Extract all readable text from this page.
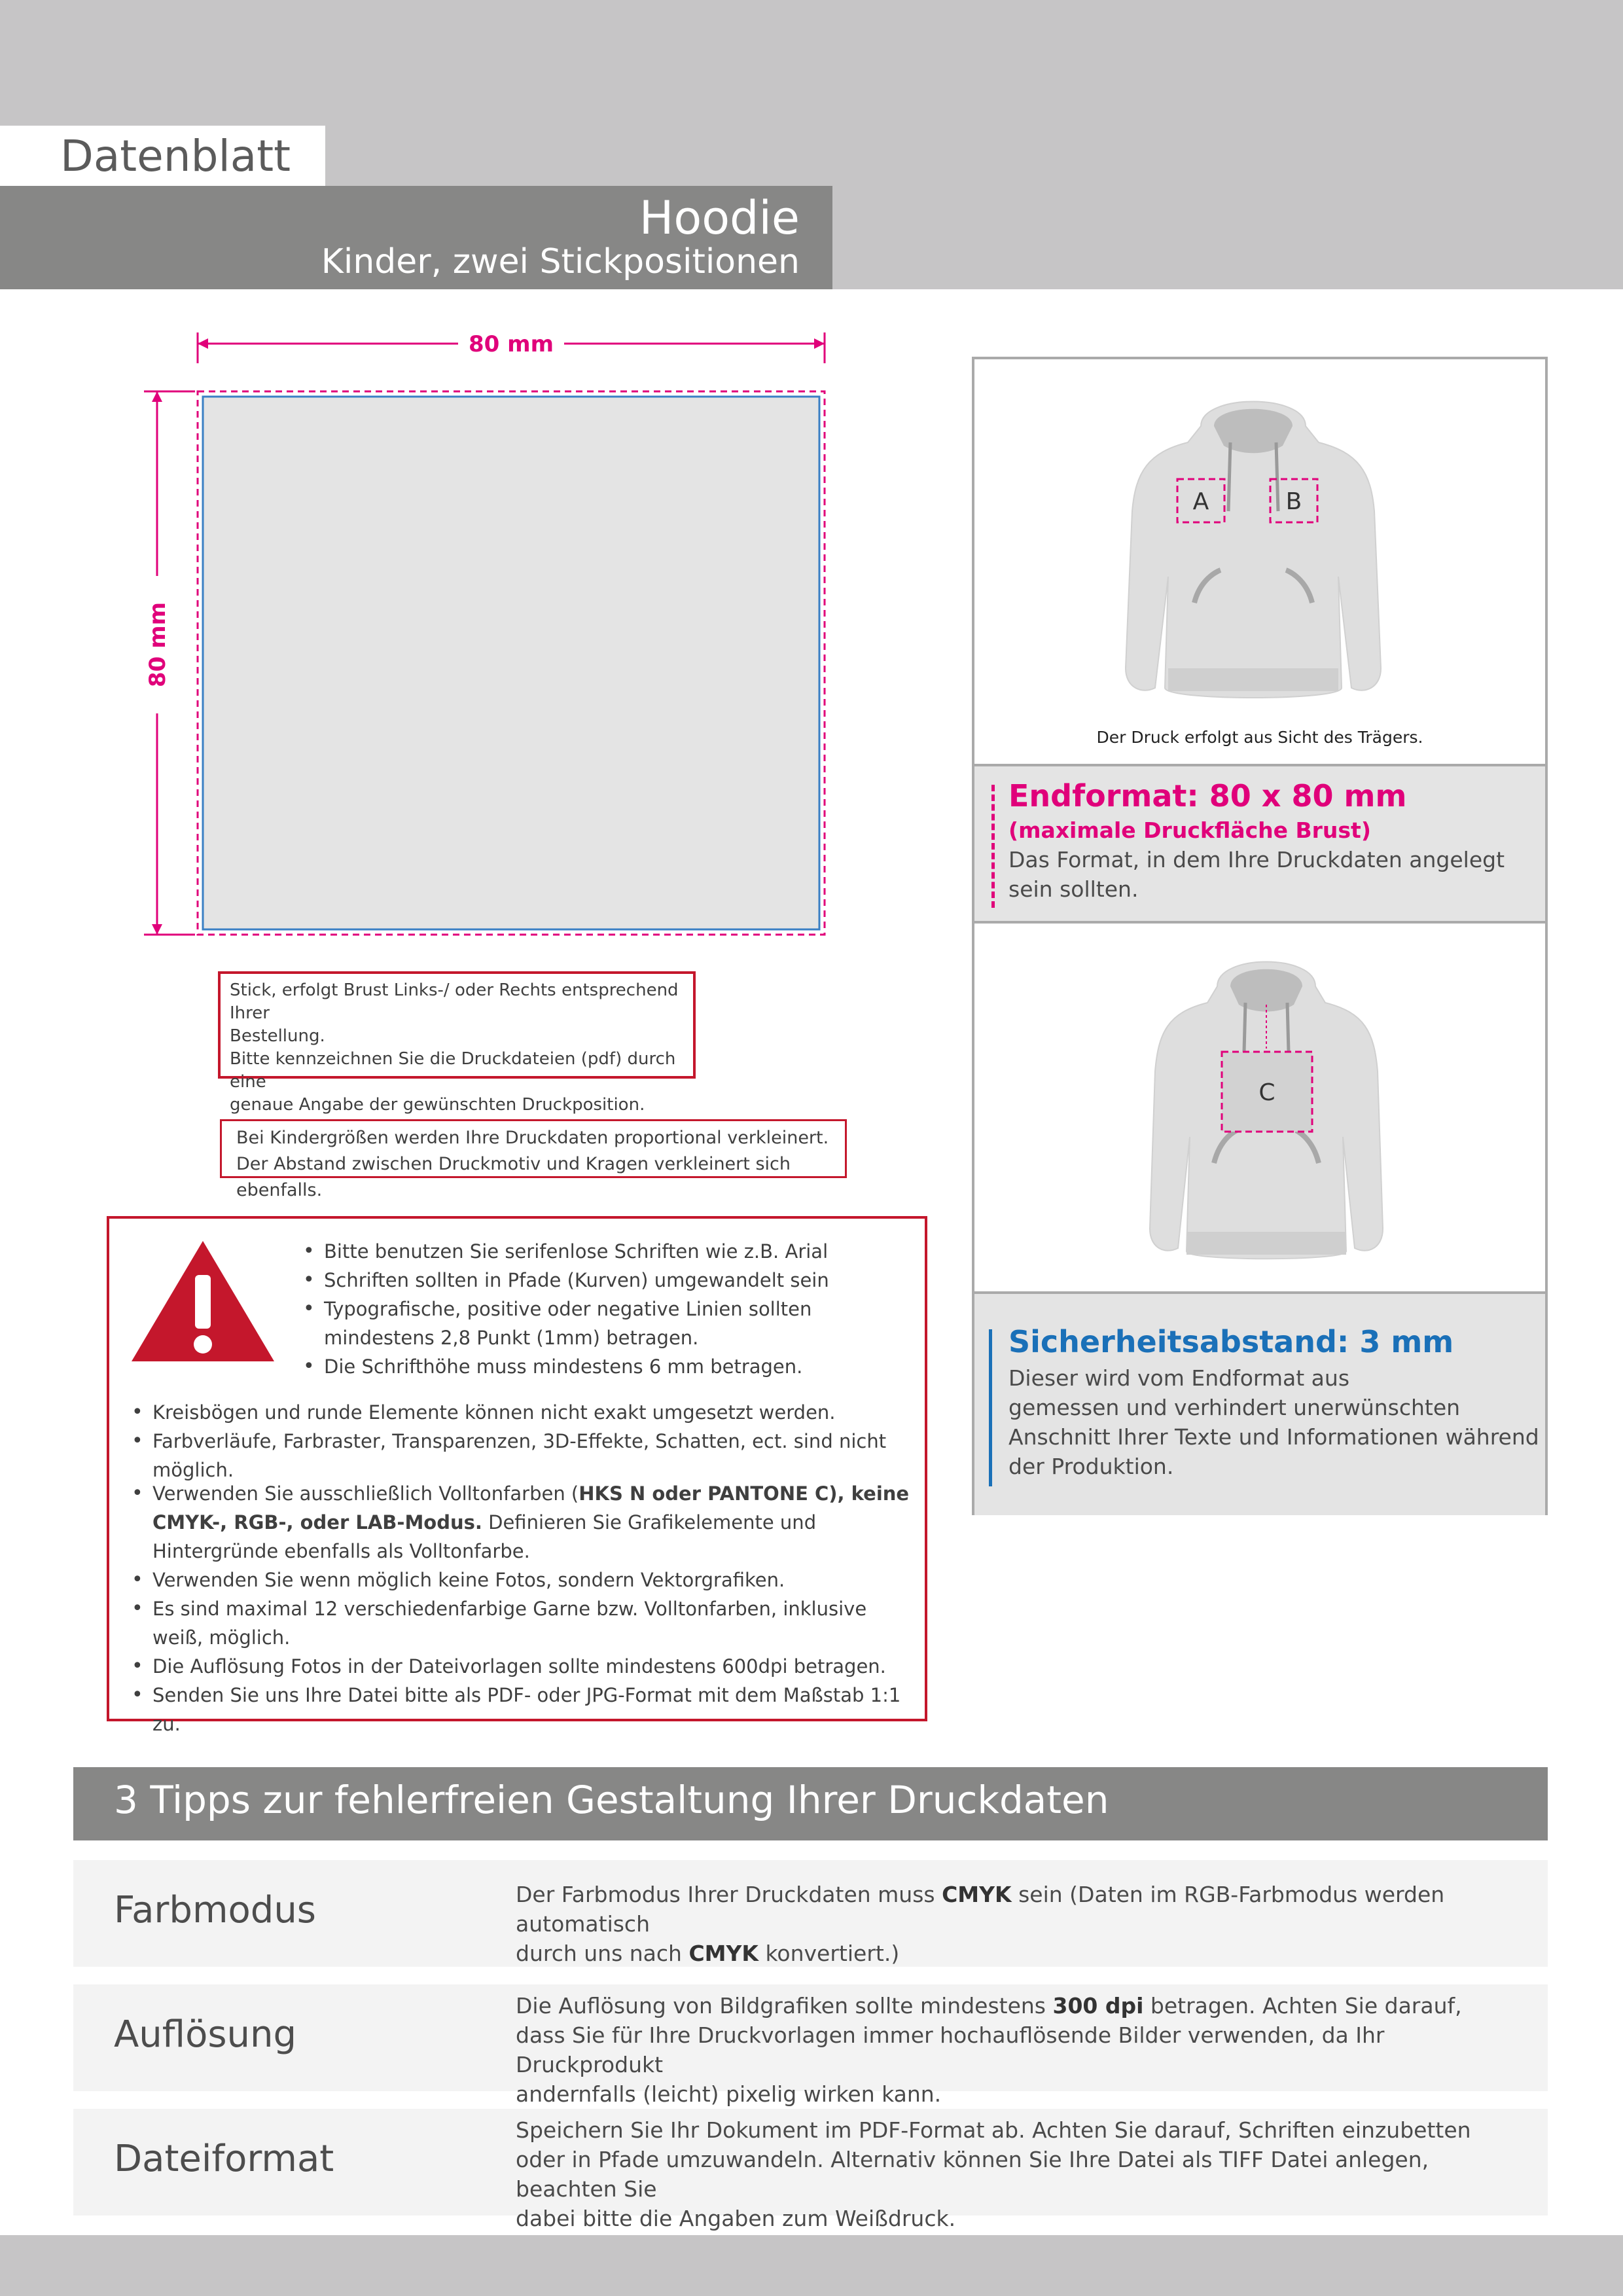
Datenblatt
Hoodie
Kinder, zwei Stickpositionen
80 mm
80 mm
Stick, erfolgt Brust Links-/ oder Rechts entsprechend Ihrer
Bestellung.
Bitte kennzeichnen Sie die Druckdateien (pdf) durch eine
genaue Angabe der gewünschten Druckposition.
Bei Kindergrößen werden Ihre Druckdaten proportional verkleinert.
Der Abstand zwischen Druckmotiv und Kragen verkleinert sich ebenfalls.
• Bitte benutzen Sie serifenlose Schriften wie z.B. Arial
• Schriften sollten in Pfade (Kurven) umgewandelt sein
• Typografische, positive oder negative Linien sollten mindestens 2,8 Punkt (1mm) betragen.
• Die Schrifthöhe muss mindestens 6 mm betragen.
• Kreisbögen und runde Elemente können nicht exakt umgesetzt werden.
• Farbverläufe, Farbraster, Transparenzen, 3D-Effekte, Schatten, ect. sind nicht möglich.
• Verwenden Sie ausschließlich Volltonfarben (HKS N oder PANTONE C), keine CMYK-, RGB-, oder LAB-Modus. Definieren Sie Grafikelemente und Hintergründe ebenfalls als Volltonfarbe.
• Verwenden Sie wenn möglich keine Fotos, sondern Vektorgrafiken.
• Es sind maximal 12 verschiedenfarbige Garne bzw. Volltonfarben, inklusive weiß, möglich.
• Die Auflösung Fotos in der Dateivorlagen sollte mindestens 600dpi betragen.
• Senden Sie uns Ihre Datei bitte als PDF- oder JPG-Format mit dem Maßstab 1:1 zu.
A	B
Der Druck erfolgt aus Sicht des Trägers.
Endformat: 80 x 80 mm
(maximale Druckfläche Brust)
Das Format, in dem Ihre Druckdaten angelegt
sein sollten.
C
Sicherheitsabstand: 3 mm
Dieser wird vom Endformat aus
gemessen und verhindert unerwünschten
Anschnitt Ihrer Texte und Informationen während
der Produktion.
3 Tipps zur fehlerfreien Gestaltung Ihrer Druckdaten
Farbmodus	Der Farbmodus Ihrer Druckdaten muss CMYK sein (Daten im RGB-Farbmodus werden automatisch
durch uns nach CMYK konvertiert.)
Auflösung
Die Auflösung von Bildgrafiken sollte mindestens 300 dpi betragen. Achten Sie darauf,
dass Sie für Ihre Druckvorlagen immer hochauflösende Bilder verwenden, da Ihr Druckprodukt
andernfalls (leicht) pixelig wirken kann.
Dateiformat
Speichern Sie Ihr Dokument im PDF-Format ab. Achten Sie darauf, Schriften einzubetten
oder in Pfade umzuwandeln. Alternativ können Sie Ihre Datei als TIFF Datei anlegen, beachten Sie
dabei bitte die Angaben zum Weißdruck.
